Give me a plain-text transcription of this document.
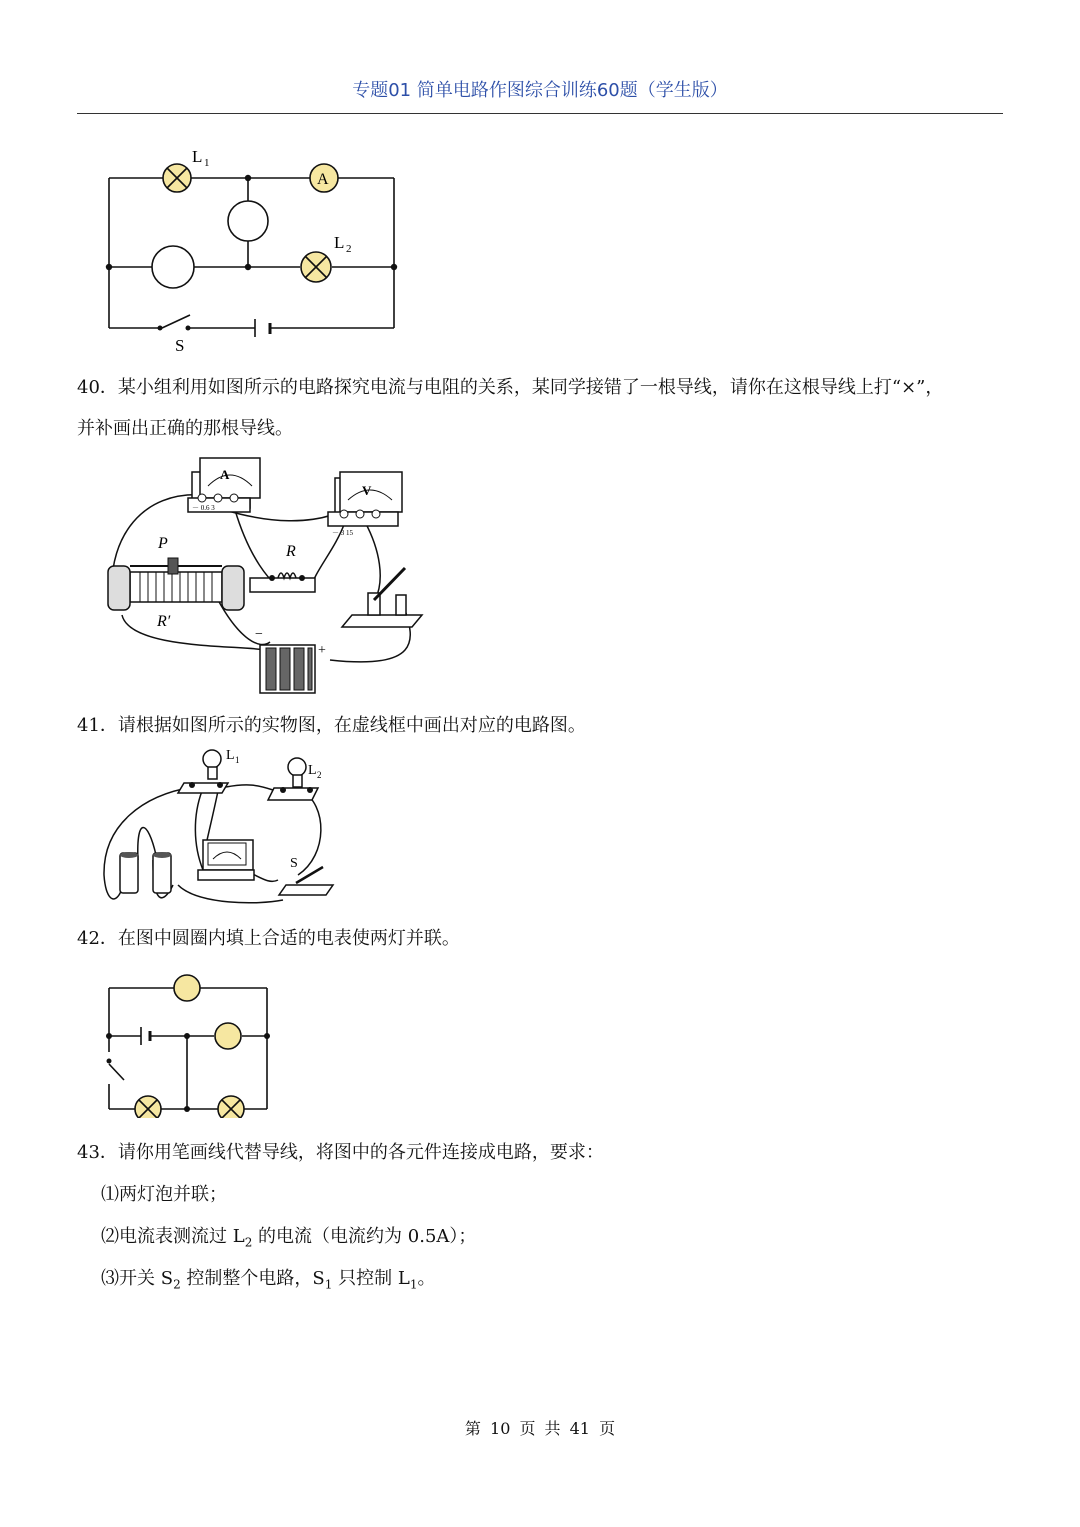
专题01 简单电路作图综合训练60题（学生版）
L 1
A
L 2
S
40．某小组利用如图所示的电路探究电流与电阻的关系，某同学接错了一根导线，请你在这根导线上打“×”，
并补画出正确的那根导线。
A
－ 0.6 3
V
－ 3 15
P
R′
R
−
+
41．请根据如图所示的实物图，在虚线框中画出对应的电路图。
L 1
L 2
S
42．在图中圆圈内填上合适的电表使两灯并联。
43．请你用笔画线代替导线，将图中的各元件连接成电路，要求：
⑴两灯泡并联；
⑵电流表测流过 $L_2$ 的电流（电流约为 0.5A）；
⑶开关 $S_2$ 控制整个电路，$S_1$ 只控制 $L_1$。
第 10 页 共 41 页
